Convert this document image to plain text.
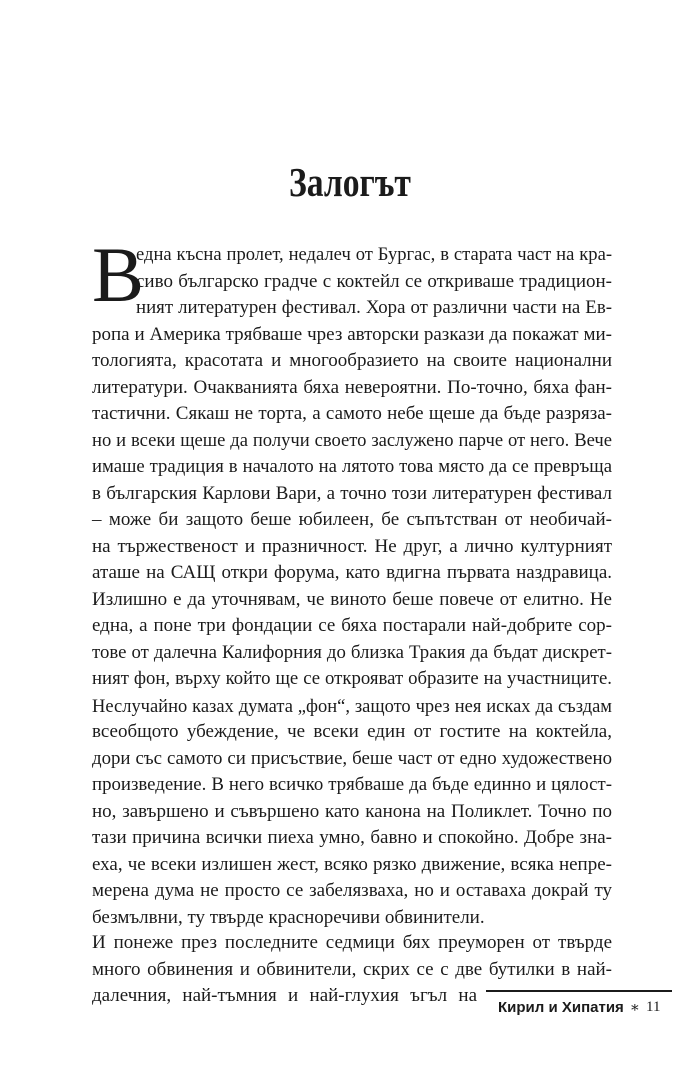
Залогът
В
една късна пролет, недалеч от Бургас, в старата част на кра-
сиво българско градче с коктейл се откриваше традицион-
ният литературен фестивал. Хора от различни части на Ев-
ропа и Америка трябваше чрез авторски разкази да покажат ми-
тологията, красотата и многообразието на своите национални
литератури. Очакванията бяха невероятни. По-точно, бяха фан-
тастични. Сякаш не торта, а самото небе щеше да бъде разрязa-
но и всеки щеше да получи своето заслужено парче от него. Вече
имаше традиция в началото на лятото това място да се превръща
в българския Карлови Вари, а точно този литературен фестивал
– може би защото беше юбилеен, бе съпътстван от необичай-
на тържественост и празничност. Не друг, а лично културният
аташе на САЩ откри форума, като вдигна първата наздравица.
Излишно е да уточнявам, че виното беше повече от елитно. Не
една, а поне три фондации се бяха постарали най-добрите сор-
тове от далечна Калифорния до близка Тракия да бъдат дискрет-
ният фон, върху който ще се открояват образите на участниците.
Неслучайно казах думата „фон“, защото чрез нея исках да създам
всеобщото убеждение, че всеки един от гостите на коктейла,
дори със самото си присъствие, беше част от едно художествено
произведение. В него всичко трябваше да бъде единно и цялост-
но, завършено и съвършено като канона на Поликлет. Точно по
тази причина всички пиеха умно, бавно и спокойно. Добре зна-
еха, че всеки излишен жест, всяко рязко движение, всяка непре-
мерена дума не просто се забелязваха, но и оставаха докрай ту
безмълвни, ту твърде красноречиви обвинители.
И понеже през последните седмици бях преуморен от твърде
много обвинения и обвинители, скрих се с две бутилки в най-
далечния, най-тъмния и най-глухия ъгъл на
Кирил и Хипатия ∗ 11
